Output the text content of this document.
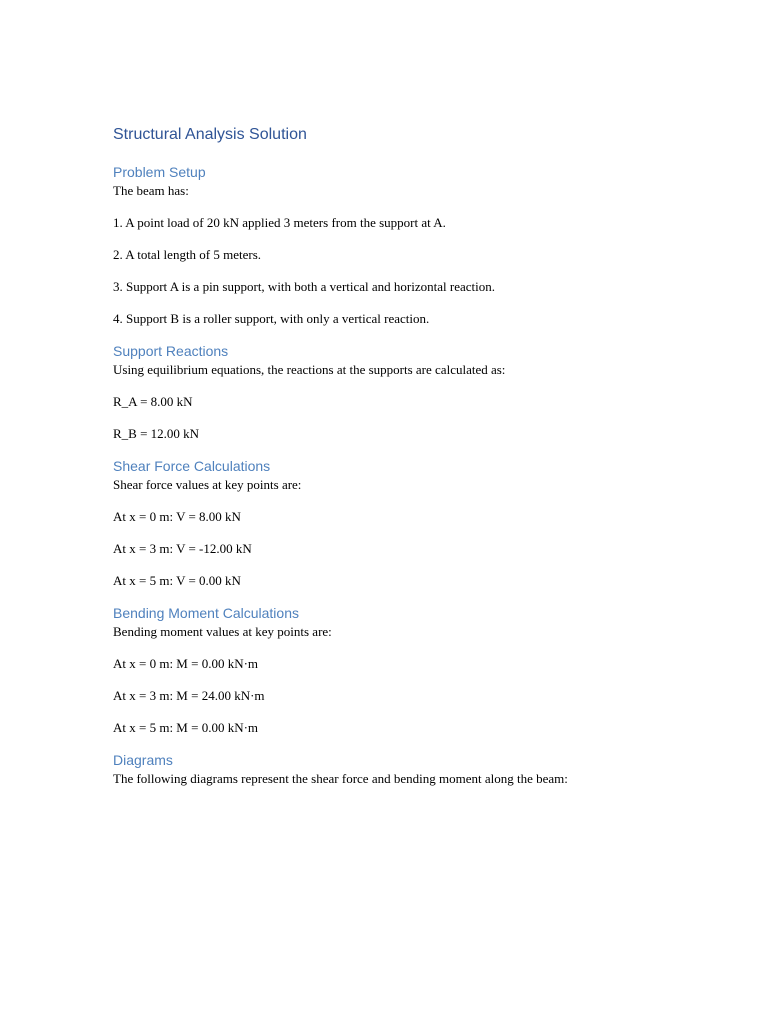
Structural Analysis Solution
Problem Setup

The beam has:

1. A point load of 20 kN applied 3 meters from the support at A.

2. A total length of 5 meters.

3. Support A is a pin support, with both a vertical and horizontal reaction.

4. Support B is a roller support, with only a vertical reaction.

Support Reactions

Using equilibrium equations, the reactions at the supports are calculated as:

R_A = 8.00 kN

R_B = 12.00 kN

Shear Force Calculations

Shear force values at key points are:

At x = 0 m: V = 8.00 kN

At x = 3 m: V = -12.00 kN

At x = 5 m: V = 0.00 kN

Bending Moment Calculations

Bending moment values at key points are:

At x = 0 m: M = 0.00 kN·m

At x = 3 m: M = 24.00 kN·m

At x = 5 m: M = 0.00 kN·m

Diagrams

The following diagrams represent the shear force and bending moment along the beam:
